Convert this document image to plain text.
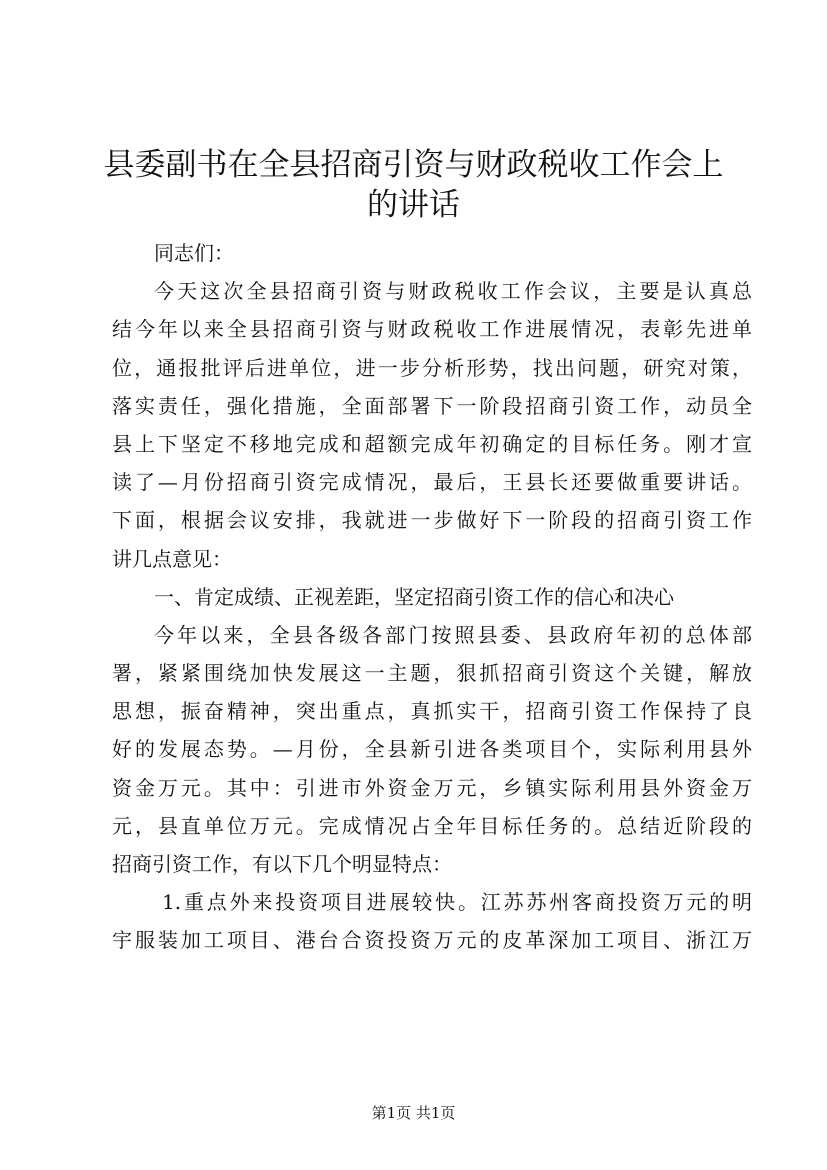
县委副书在全县招商引资与财政税收工作会上
的讲话
同志们：
今天这次全县招商引资与财政税收工作会议，主要是认真总
结今年以来全县招商引资与财政税收工作进展情况，表彰先进单
位，通报批评后进单位，进一步分析形势，找出问题，研究对策，
落实责任，强化措施，全面部署下一阶段招商引资工作，动员全
县上下坚定不移地完成和超额完成年初确定的目标任务。刚才宣
读了—月份招商引资完成情况，最后，王县长还要做重要讲话。
下面，根据会议安排，我就进一步做好下一阶段的招商引资工作
讲几点意见：
一、肯定成绩、正视差距，坚定招商引资工作的信心和决心
今年以来，全县各级各部门按照县委、县政府年初的总体部
署，紧紧围绕加快发展这一主题，狠抓招商引资这个关键，解放
思想，振奋精神，突出重点，真抓实干，招商引资工作保持了良
好的发展态势。—月份，全县新引进各类项目个，实际利用县外
资金万元。其中：引进市外资金万元，乡镇实际利用县外资金万
元，县直单位万元。完成情况占全年目标任务的。总结近阶段的
招商引资工作，有以下几个明显特点：
1.重点外来投资项目进展较快。江苏苏州客商投资万元的明
宇服装加工项目、港台合资投资万元的皮革深加工项目、浙江万
第1页 共1页
